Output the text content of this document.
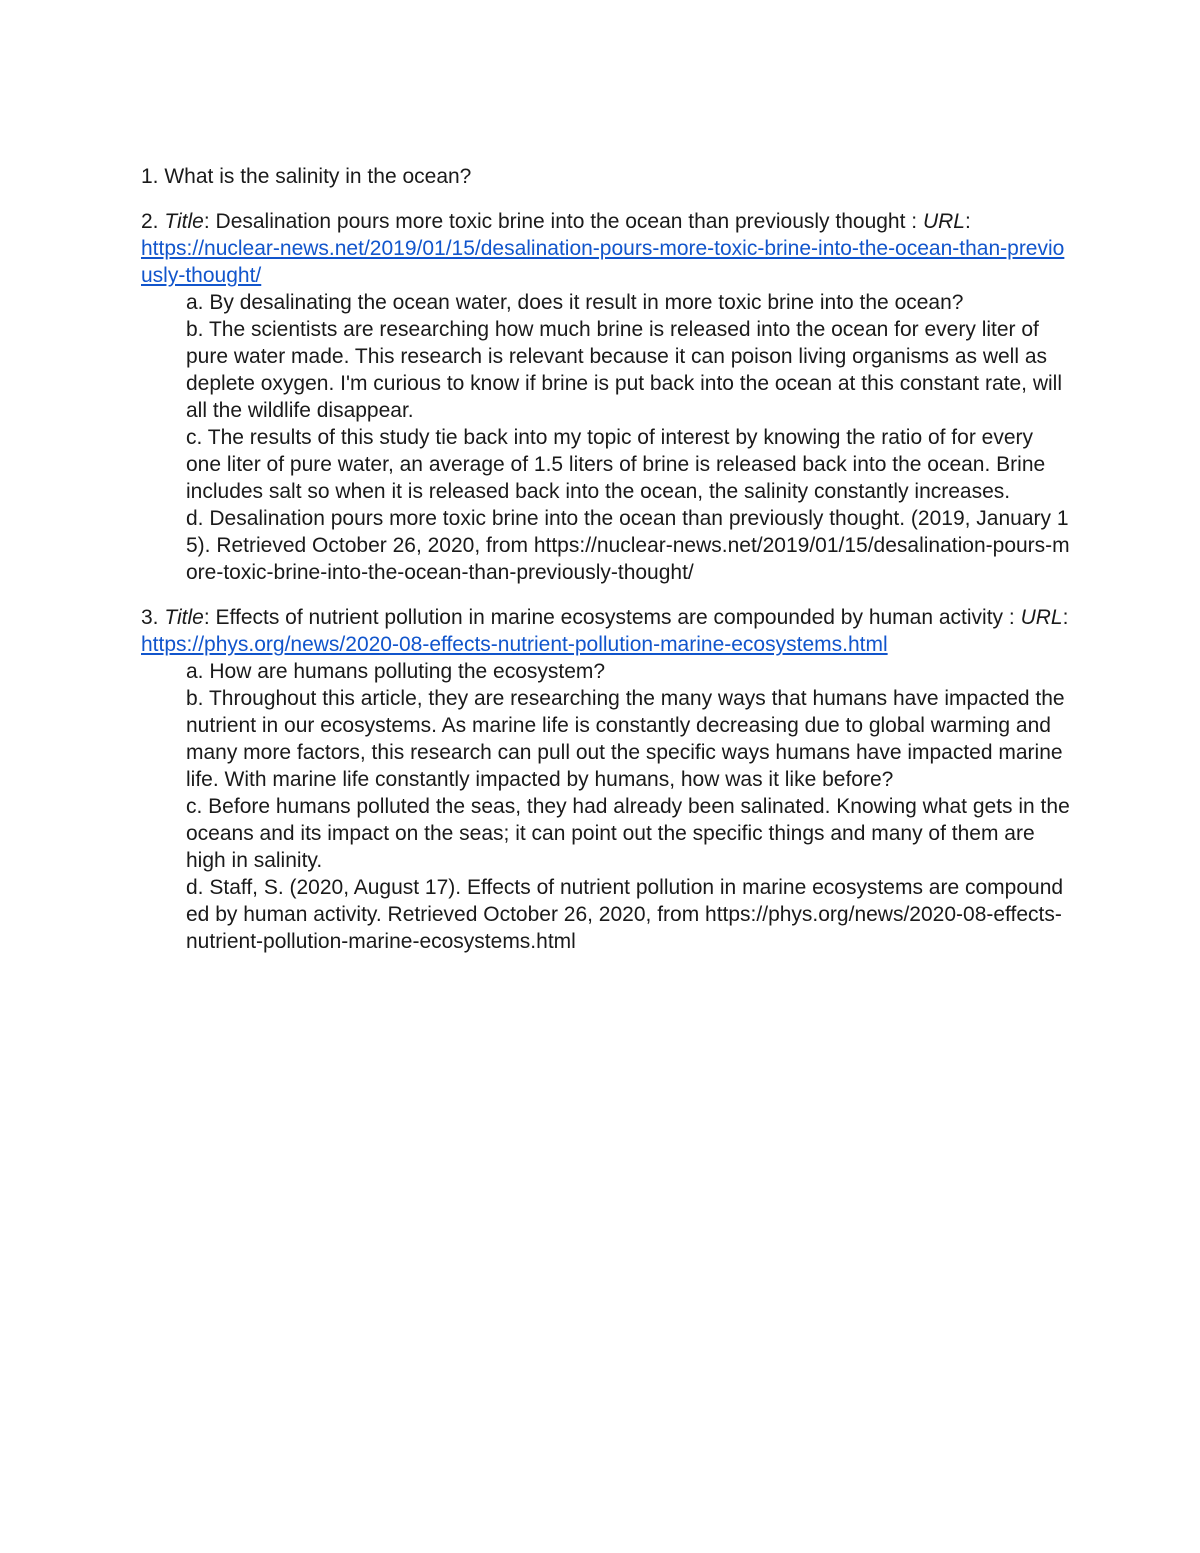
1. What is the salinity in the ocean?

2. Title: Desalination pours more toxic brine into the ocean than previously thought : URL:
https://nuclear-news.net/2019/01/15/desalination-pours-more-toxic-brine-into-the-ocean-than-previously-thought/

a. By desalinating the ocean water, does it result in more toxic brine into the ocean?

b. The scientists are researching how much brine is released into the ocean for every liter of pure water made. This research is relevant because it can poison living organisms as well as deplete oxygen. I'm curious to know if brine is put back into the ocean at this constant rate, will all the wildlife disappear.

c. The results of this study tie back into my topic of interest by knowing the ratio of for every one liter of pure water, an average of 1.5 liters of brine is released back into the ocean. Brine includes salt so when it is released back into the ocean, the salinity constantly increases.

d. Desalination pours more toxic brine into the ocean than previously thought. (2019, January 15). Retrieved October 26, 2020, from https://nuclear-news.net/2019/01/15/desalination-pours-more-toxic-brine-into-the-ocean-than-previously-thought/

3. Title: Effects of nutrient pollution in marine ecosystems are compounded by human activity : URL:
https://phys.org/news/2020-08-effects-nutrient-pollution-marine-ecosystems.html

a. How are humans polluting the ecosystem?

b. Throughout this article, they are researching the many ways that humans have impacted the nutrient in our ecosystems. As marine life is constantly decreasing due to global warming and many more factors, this research can pull out the specific ways humans have impacted marine life. With marine life constantly impacted by humans, how was it like before?

c. Before humans polluted the seas, they had already been salinated. Knowing what gets in the oceans and its impact on the seas; it can point out the specific things and many of them are high in salinity.

d. Staff, S. (2020, August 17). Effects of nutrient pollution in marine ecosystems are compounded by human activity. Retrieved October 26, 2020, from https://phys.org/news/2020-08-effects-nutrient-pollution-marine-ecosystems.html
